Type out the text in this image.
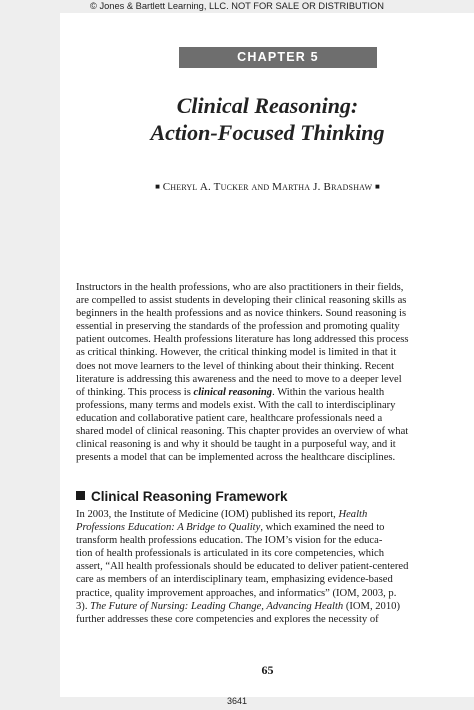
© Jones & Bartlett Learning, LLC. NOT FOR SALE OR DISTRIBUTION
CHAPTER 5
Clinical Reasoning:
Action-Focused Thinking
■ Cheryl A. Tucker and Martha J. Bradshaw ■
Instructors in the health professions, who are also practitioners in their fields,
are compelled to assist students in developing their clinical reasoning skills as
beginners in the health professions and as novice thinkers. Sound reasoning is
essential in preserving the standards of the profession and promoting quality
patient outcomes. Health professions literature has long addressed this process
as critical thinking. However, the critical thinking model is limited in that it
does not move learners to the level of thinking about their thinking. Recent
literature is addressing this awareness and the need to move to a deeper level
of thinking. This process is clinical reasoning. Within the various health
professions, many terms and models exist. With the call to interdisciplinary
education and collaborative patient care, healthcare professionals need a
shared model of clinical reasoning. This chapter provides an overview of what
clinical reasoning is and why it should be taught in a purposeful way, and it
presents a model that can be implemented across the healthcare disciplines.
Clinical Reasoning Framework
In 2003, the Institute of Medicine (IOM) published its report, Health
Professions Education: A Bridge to Quality, which examined the need to
transform health professions education. The IOM’s vision for the educa-
tion of health professionals is articulated in its core competencies, which
assert, “All health professionals should be educated to deliver patient-centered
care as members of an interdisciplinary team, emphasizing evidence-based
practice, quality improvement approaches, and informatics” (IOM, 2003, p.
3). The Future of Nursing: Leading Change, Advancing Health (IOM, 2010)
further addresses these core competencies and explores the necessity of
65
3641
